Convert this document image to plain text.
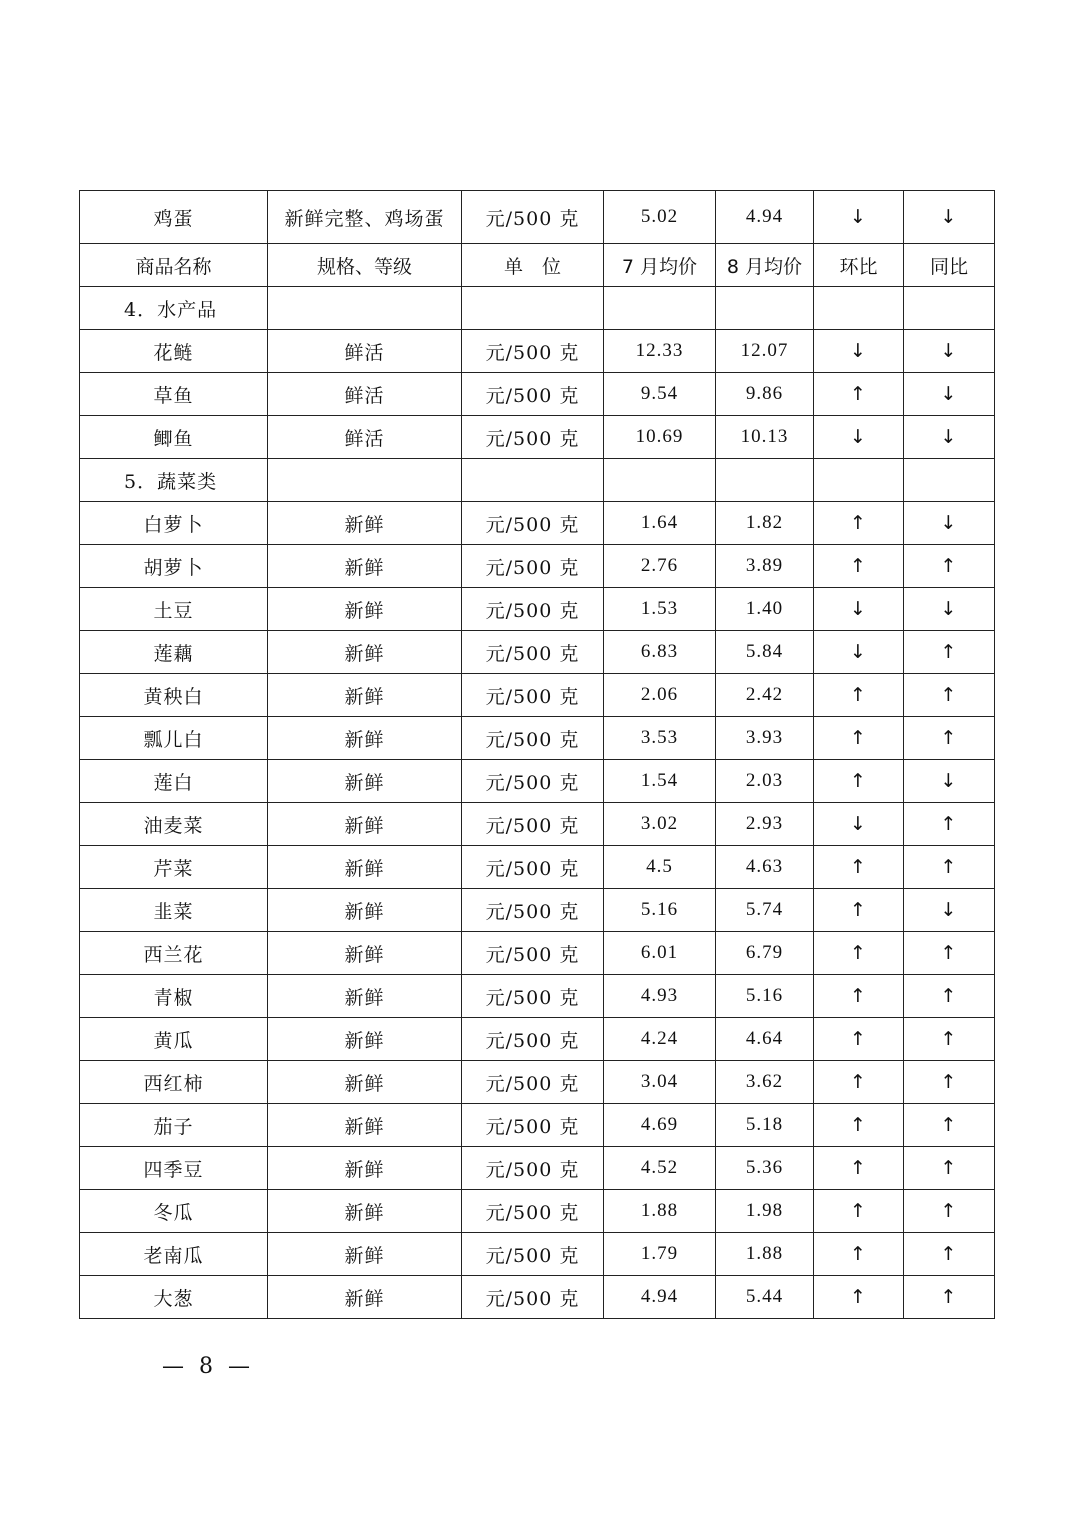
鸡蛋	新鲜完整、鸡场蛋	元/500 克	5.02	4.94	↓	↓
商品名称	规格、等级	单　位	7 月均价	8 月均价	环比	同比
4．水产品						
花鲢	鲜活	元/500 克	12.33	12.07	↓	↓
草鱼	鲜活	元/500 克	9.54	9.86	↑	↓
鲫鱼	鲜活	元/500 克	10.69	10.13	↓	↓
5．蔬菜类						
白萝卜	新鲜	元/500 克	1.64	1.82	↑	↓
胡萝卜	新鲜	元/500 克	2.76	3.89	↑	↑
土豆	新鲜	元/500 克	1.53	1.40	↓	↓
莲藕	新鲜	元/500 克	6.83	5.84	↓	↑
黄秧白	新鲜	元/500 克	2.06	2.42	↑	↑
瓢儿白	新鲜	元/500 克	3.53	3.93	↑	↑
莲白	新鲜	元/500 克	1.54	2.03	↑	↓
油麦菜	新鲜	元/500 克	3.02	2.93	↓	↑
芹菜	新鲜	元/500 克	4.5	4.63	↑	↑
韭菜	新鲜	元/500 克	5.16	5.74	↑	↓
西兰花	新鲜	元/500 克	6.01	6.79	↑	↑
青椒	新鲜	元/500 克	4.93	5.16	↑	↑
黄瓜	新鲜	元/500 克	4.24	4.64	↑	↑
西红柿	新鲜	元/500 克	3.04	3.62	↑	↑
茄子	新鲜	元/500 克	4.69	5.18	↑	↑
四季豆	新鲜	元/500 克	4.52	5.36	↑	↑
冬瓜	新鲜	元/500 克	1.88	1.98	↑	↑
老南瓜	新鲜	元/500 克	1.79	1.88	↑	↑
大葱	新鲜	元/500 克	4.94	5.44	↑	↑
— 8 —
